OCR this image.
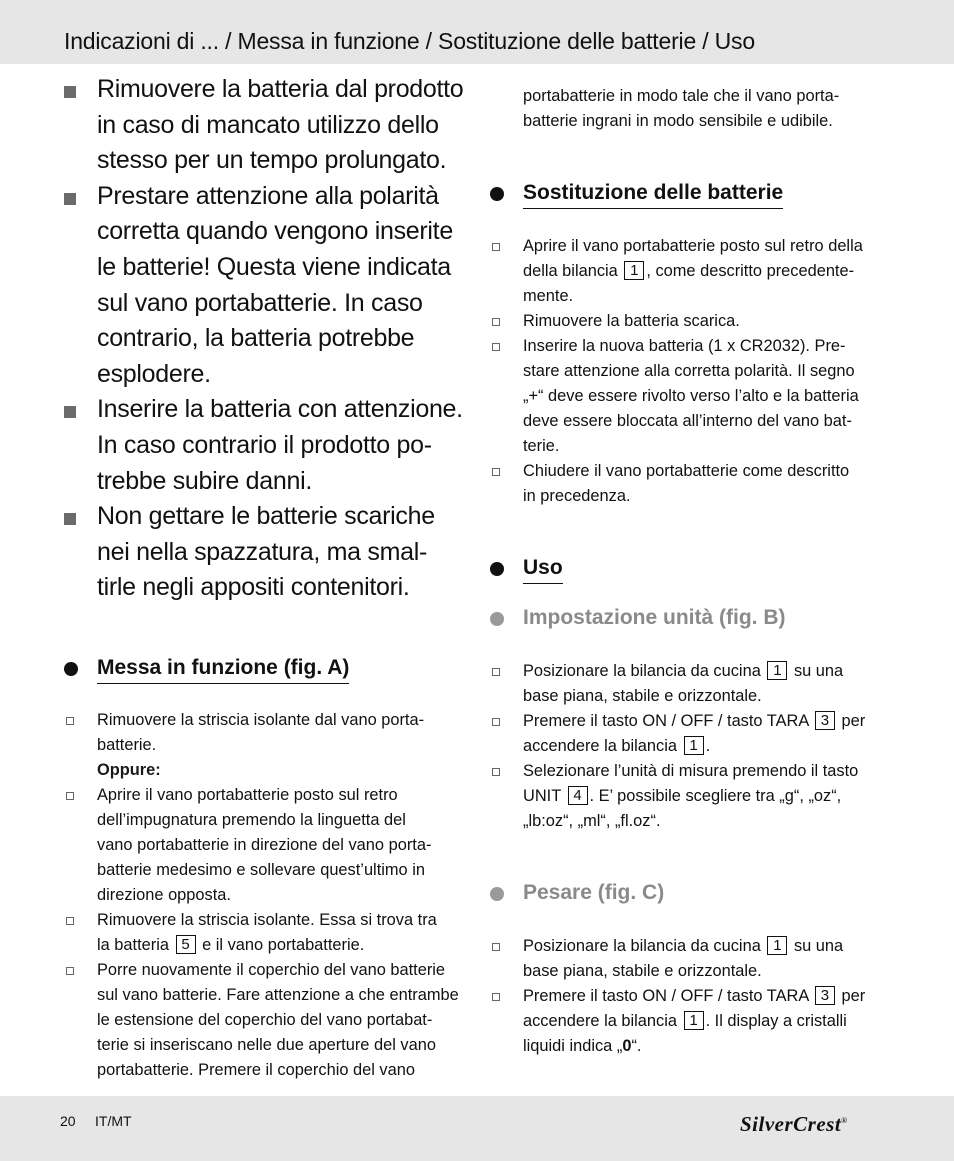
Indicazioni di ... / Messa in funzione / Sostituzione delle batterie / Uso
Rimuovere la batteria dal prodotto
in caso di mancato utilizzo dello
stesso per un tempo prolungato.
Prestare attenzione alla polarità
corretta quando vengono inserite
le batterie! Questa viene indicata
sul vano portabatterie. In caso
contrario, la batteria potrebbe
esplodere.
Inserire la batteria con attenzione.
In caso contrario il prodotto po-
trebbe subire danni.
Non gettare le batterie scariche
nei nella spazzatura, ma smal-
tirle negli appositi contenitori.
Messa in funzione (fig. A)
Rimuovere la striscia isolante dal vano porta-
batterie.
Oppure:
Aprire il vano portabatterie posto sul retro
dell’impugnatura premendo la linguetta del
vano portabatterie in direzione del vano porta-
batterie medesimo e sollevare quest’ultimo in
direzione opposta.
Rimuovere la striscia isolante. Essa si trova tra
la batteria 5 e il vano portabatterie.
Porre nuovamente il coperchio del vano batterie
sul vano batterie. Fare attenzione a che entrambe
le estensione del coperchio del vano portabat-
terie si inseriscano nelle due aperture del vano
portabatterie. Premere il coperchio del vano
portabatterie in modo tale che il vano porta-
batterie ingrani in modo sensibile e udibile.
Sostituzione delle batterie
Aprire il vano portabatterie posto sul retro della
della bilancia 1 , come descritto precedente-
mente.
Rimuovere la batteria scarica.
Inserire la nuova batteria (1 x CR2032). Pre-
stare attenzione alla corretta polarità. Il segno
„+“ deve essere rivolto verso l’alto e la batteria
deve essere bloccata all’interno del vano bat-
terie.
Chiudere il vano portabatterie come descritto
in precedenza.
Uso
Impostazione unità (fig. B)
Posizionare la bilancia da cucina 1 su una
base piana, stabile e orizzontale.
Premere il tasto ON / OFF / tasto TARA 3 per
accendere la bilancia 1 .
Selezionare l’unità di misura premendo il tasto
UNIT 4 . E’ possibile scegliere tra „g“, „oz“,
„lb:oz“, „ml“, „fl.oz“.
Pesare (fig. C)
Posizionare la bilancia da cucina 1 su una
base piana, stabile e orizzontale.
Premere il tasto ON / OFF / tasto TARA 3 per
accendere la bilancia 1 . Il display a cristalli
liquidi indica „0“.
20 IT/MT	SilverCrest®
